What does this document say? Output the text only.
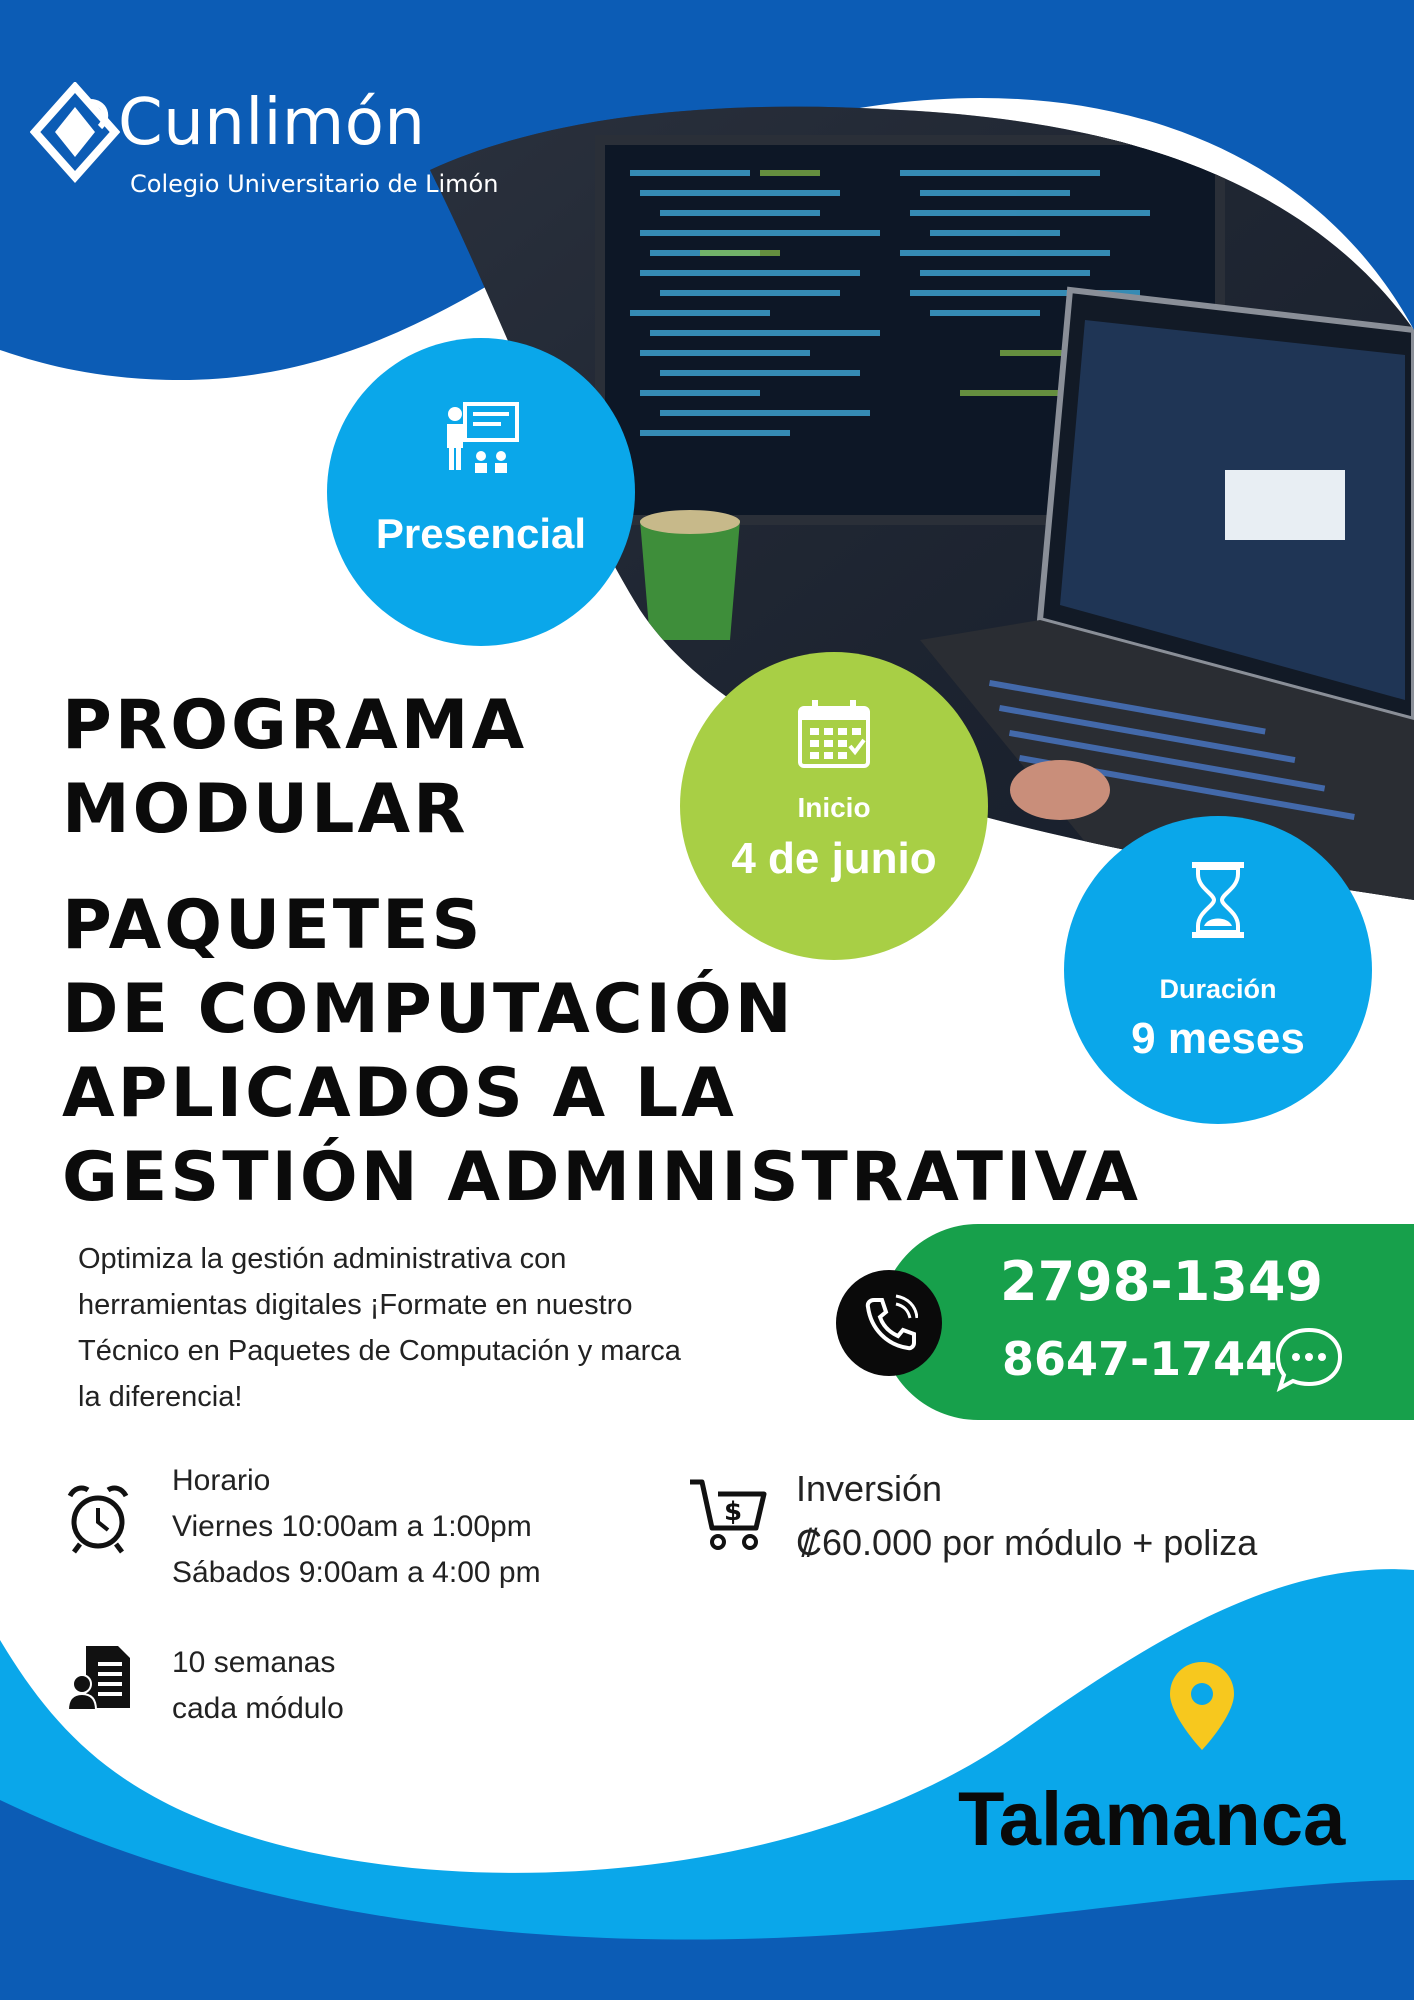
Cunlimón
Colegio Universitario de Limón
Presencial
Inicio
4 de junio
Duración
9 meses
PROGRAMA
MODULAR
PAQUETES
DE COMPUTACIÓN
APLICADOS A LA
GESTIÓN ADMINISTRATIVA
Optimiza la gestión administrativa con
herramientas digitales ¡Formate en nuestro
Técnico en Paquetes de Computación y marca
la diferencia!
2798-1349
8647-1744
Horario
Viernes 10:00am a 1:00pm
Sábados 9:00am a 4:00 pm
$
Inversión
₡60.000 por módulo + poliza
10 semanas
cada módulo
Talamanca
